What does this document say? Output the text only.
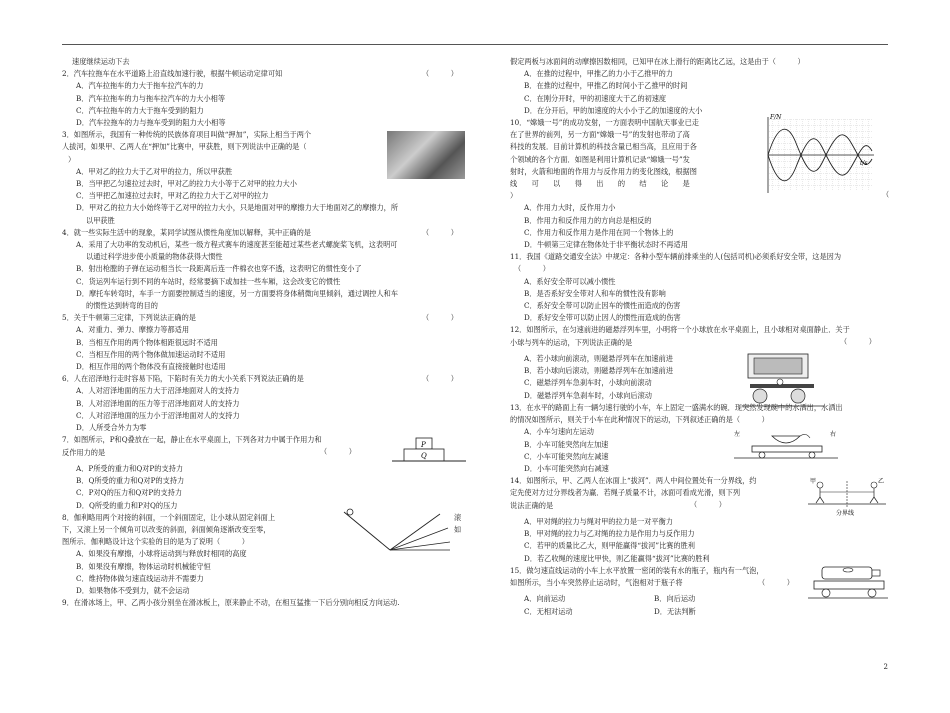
速度继续运动下去
2．汽车拉拖车在水平道路上沿直线加速行驶，根据牛顿运动定律可知	（　　　）
A．汽车拉拖车的力大于拖车拉汽车的力
B．汽车拉拖车的力与拖车拉汽车的力大小相等
C．汽车拉拖车的力大于拖车受到的阻力
D．汽车拉拖车的力与拖车受到的阻力大小相等
3．如图所示，我国有一种传统的民族体育项目叫做“押加”，实际上相当于两个
人拔河，如果甲、乙两人在“押加”比赛中，甲获胜，则下列说法中正确的是（
）
A．甲对乙的拉力大于乙对甲的拉力，所以甲获胜
B．当甲把乙匀速拉过去时，甲对乙的拉力大小等于乙对甲的拉力大小
C．当甲把乙加速拉过去时，甲对乙的拉力大于乙对甲的拉力
D．甲对乙的拉力大小始终等于乙对甲的拉力大小，只是地面对甲的摩擦力大于地面对乙的摩擦力，所
以甲获胜
4．就一些实际生活中的现象，某同学试图从惯性角度加以解释，其中正确的是	（　　　）
A．采用了大功率的发动机后，某些一级方程式赛车的速度甚至能超过某些老式螺旋桨飞机，这表明可
以通过科学进步使小质量的物体获得大惯性
B．射出枪膛的子弹在运动相当长一段距离后连一件棉衣也穿不透，这表明它的惯性变小了
C．货运列车运行到不同的车站时，经常要摘下或加挂一些车厢，这会改变它的惯性
D．摩托车转弯时，车手一方面要控制适当的速度，另一方面要将身体稍微向里倾斜，通过调控人和车
的惯性达到转弯的目的
5．关于牛顿第三定律，下列说法正确的是	（　　　）
A．对重力、弹力、摩擦力等都适用
B．当相互作用的两个物体相距很远时不适用
C．当相互作用的两个物体做加速运动时不适用
D．相互作用的两个物体没有直接接触时也适用
6．人在沼泽地行走时容易下陷，下陷时有关力的大小关系下列说法正确的是	（　　　）
A．人对沼泽地面的压力大于沼泽地面对人的支持力
B．人对沼泽地面的压力等于沼泽地面对人的支持力
C．人对沼泽地面的压力小于沼泽地面对人的支持力
D．人所受合外力为零
7．如图所示，P和Q叠放在一起，静止在水平桌面上，下列各对力中属于作用力和
反作用力的是	（　　　）
A．P所受的重力和Q对P的支持力
B．Q所受的重力和Q对P的支持力
C．P对Q的压力和Q对P的支持力
D．Q所受的重力和P对Q的压力
P
Q
8．伽利略用两个对接的斜面，一个斜面固定，让小球从固定斜面上
下，又滚上另一个倾角可以改变的斜面，斜面倾角逐渐改变至零，
图所示．伽利略设计这个实验的目的是为了说明（　　　）
滚
如
A．如果没有摩擦，小球将运动到与释放时相同的高度
B．如果没有摩擦，物体运动时机械能守恒
C．维持物体做匀速直线运动并不需要力
D．如果物体不受到力，就不会运动
9．在滑冰场上，甲、乙两小孩分别坐在滑冰板上，原来静止不动，在相互猛推一下后分别向相反方向运动.
假定两板与冰面间的动摩擦因数相同，已知甲在冰上滑行的距离比乙远，这是由于（　　　）
A．在推的过程中，甲推乙的力小于乙推甲的力
B．在推的过程中，甲推乙的时间小于乙推甲的时间
C．在刚分开时，甲的初速度大于乙的初速度
D．在分开后，甲的加速度的大小小于乙的加速度的大小
10．“嫦娥一号”的成功发射，一方面表明中国航天事业已走
在了世界的前列，另一方面“嫦娥一号”的发射也带动了高
科技的发展．目前计算机的科技含量已相当高，且应用于各
个领域的各个方面．如图是利用计算机记录“嫦娥一号”发
射时，火箭和地面的作用力与反作用力的变化图线，根据图
线　　可　　以　　得　　出　　的　　结　　论　　是
（
）
A．作用力大时，反作用力小
B．作用力和反作用力的方向总是相反的
C．作用力和反作用力是作用在同一个物体上的
D．牛顿第三定律在物体处于非平衡状态时不再适用
F/N
t/s
11．我国《道路交通安全法》中规定：各种小型车辆前排乘坐的人(包括司机)必须系好安全带，这是因为
（　　　）
A．系好安全带可以减小惯性
B．是否系好安全带对人和车的惯性没有影响
C．系好安全带可以防止因车的惯性而造成的伤害
D．系好安全带可以防止因人的惯性而造成的伤害
12．如图所示，在匀速前进的磁悬浮列车里，小明将一个小球放在水平桌面上，且小球相对桌面静止．关于
小球与列车的运动，下列说法正确的是	（　　　）
A．若小球向前滚动，则磁悬浮列车在加速前进
B．若小球向后滚动，则磁悬浮列车在加速前进
C．磁悬浮列车急刹车时，小球向前滚动
D．磁悬浮列车急刹车时，小球向后滚动
13．在水平的路面上有一辆匀速行驶的小车，车上固定一盛满水的碗．现突然发现碗中的水洒出，水洒出
的情况如图所示，则关于小车在此种情况下的运动，下列叙述正确的是（　　　）
A．小车匀速向左运动
B．小车可能突然向左加速
C．小车可能突然向左减速
D．小车可能突然向右减速
左	右
14．如图所示，甲、乙两人在冰面上“拔河”．两人中间位置处有一分界线，约
定先使对方过分界线者为赢．若绳子质量不计，冰面可看成光滑，则下列
说法正确的是	（　　　）
A．甲对绳的拉力与绳对甲的拉力是一对平衡力
B．甲对绳的拉力与乙对绳的拉力是作用力与反作用力
C．若甲的质量比乙大，则甲能赢得“拔河”比赛的胜利
D．若乙收绳的速度比甲快，则乙能赢得“拔河”比赛的胜利
甲	乙
分界线
15．做匀速直线运动的小车上水平放置一密闭的装有水的瓶子，瓶内有一气泡，
如图所示，当小车突然停止运动时，气泡相对于瓶子将	（　　　）
A．向前运动	B．向后运动
C．无相对运动	D．无法判断
2
